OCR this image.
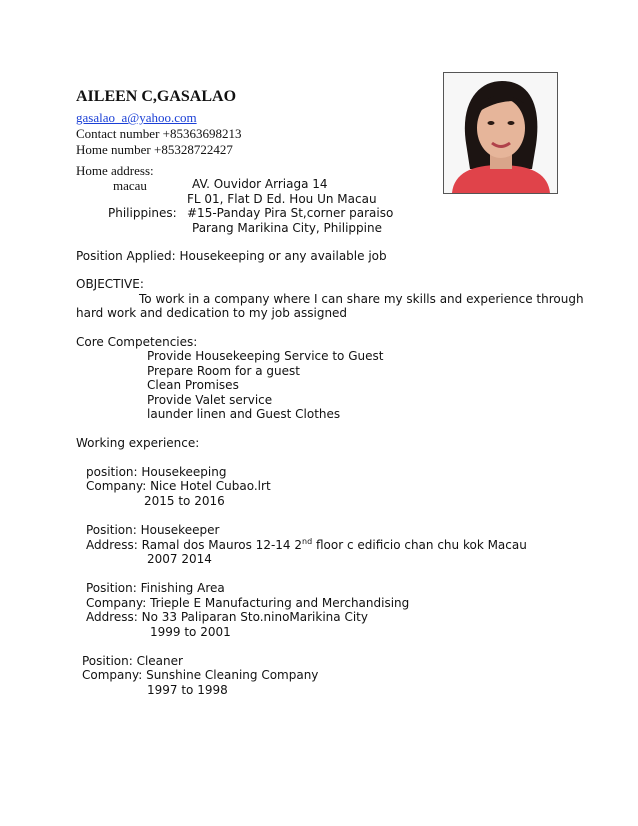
AILEEN C,GASALAO
gasalao_a@yahoo.com
Contact number +85363698213
Home number +85328722427
Home address:
macau	AV. Ouvidor Arriaga 14
FL 01, Flat D Ed. Hou Un Macau
Philippines: #15-Panday Pira St,corner paraiso
Parang Marikina City, Philippine
Position Applied: Housekeeping or any available job
OBJECTIVE:
To work in a company where I can share my skills and experience through
hard work and dedication to my job assigned
Core Competencies:
Provide Housekeeping Service to Guest
Prepare Room for a guest
Clean Promises
Provide Valet service
launder linen and Guest Clothes
Working experience:
position: Housekeeping
Company: Nice Hotel Cubao.lrt
2015 to 2016
Position: Housekeeper
Address: Ramal dos Mauros 12-14 2nd floor c edificio chan chu kok Macau
2007 2014
Position: Finishing Area
Company: Trieple E Manufacturing and Merchandising
Address: No 33 Paliparan Sto.ninoMarikina City
1999 to 2001
Position: Cleaner
Company: Sunshine Cleaning Company
1997 to 1998
